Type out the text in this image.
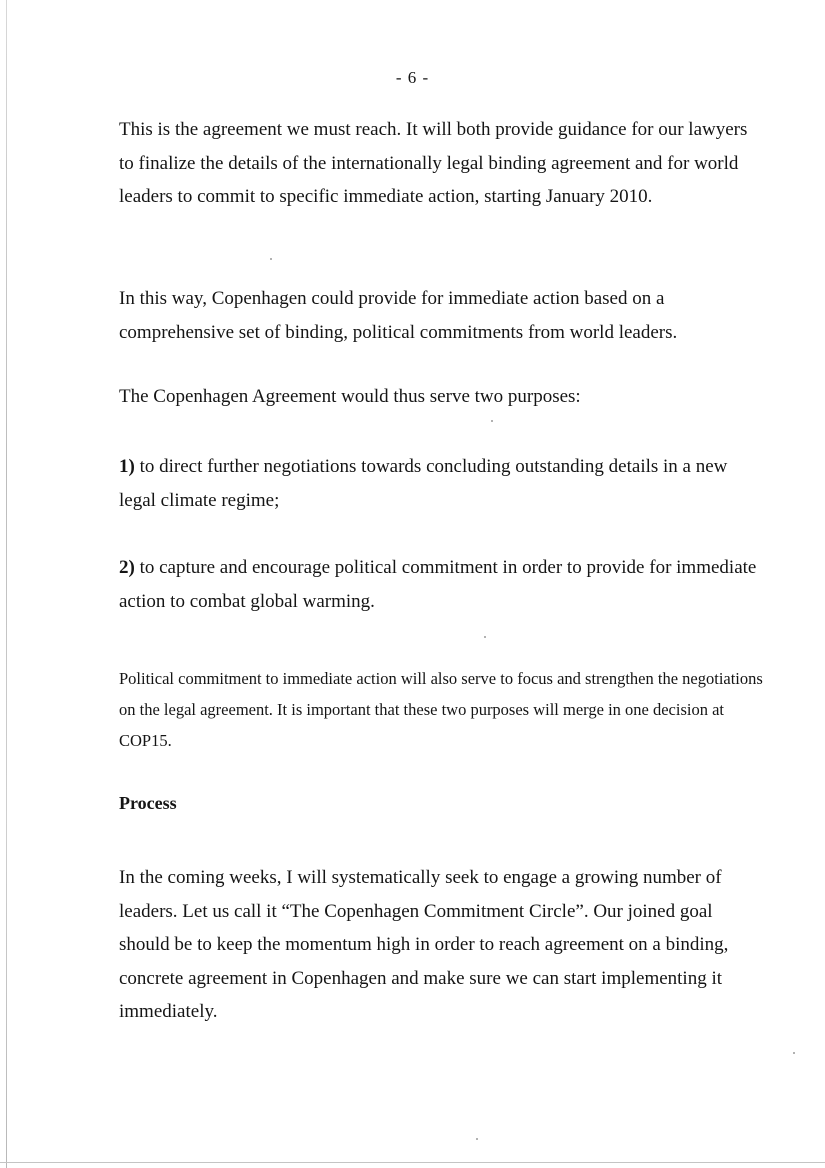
- 6 -

This is the agreement we must reach. It will both provide guidance for our lawyers to finalize the details of the internationally legal binding agreement and for world leaders to commit to specific immediate action, starting January 2010.

In this way, Copenhagen could provide for immediate action based on a comprehensive set of binding, political commitments from world leaders.

The Copenhagen Agreement would thus serve two purposes:

1) to direct further negotiations towards concluding outstanding details in a new legal climate regime;

2) to capture and encourage political commitment in order to provide for immediate action to combat global warming.

Political commitment to immediate action will also serve to focus and strengthen the negotiations on the legal agreement. It is important that these two purposes will merge in one decision at COP15.

Process

In the coming weeks, I will systematically seek to engage a growing number of leaders. Let us call it “The Copenhagen Commitment Circle”. Our joined goal should be to keep the momentum high in order to reach agreement on a binding, concrete agreement in Copenhagen and make sure we can start implementing it immediately.
